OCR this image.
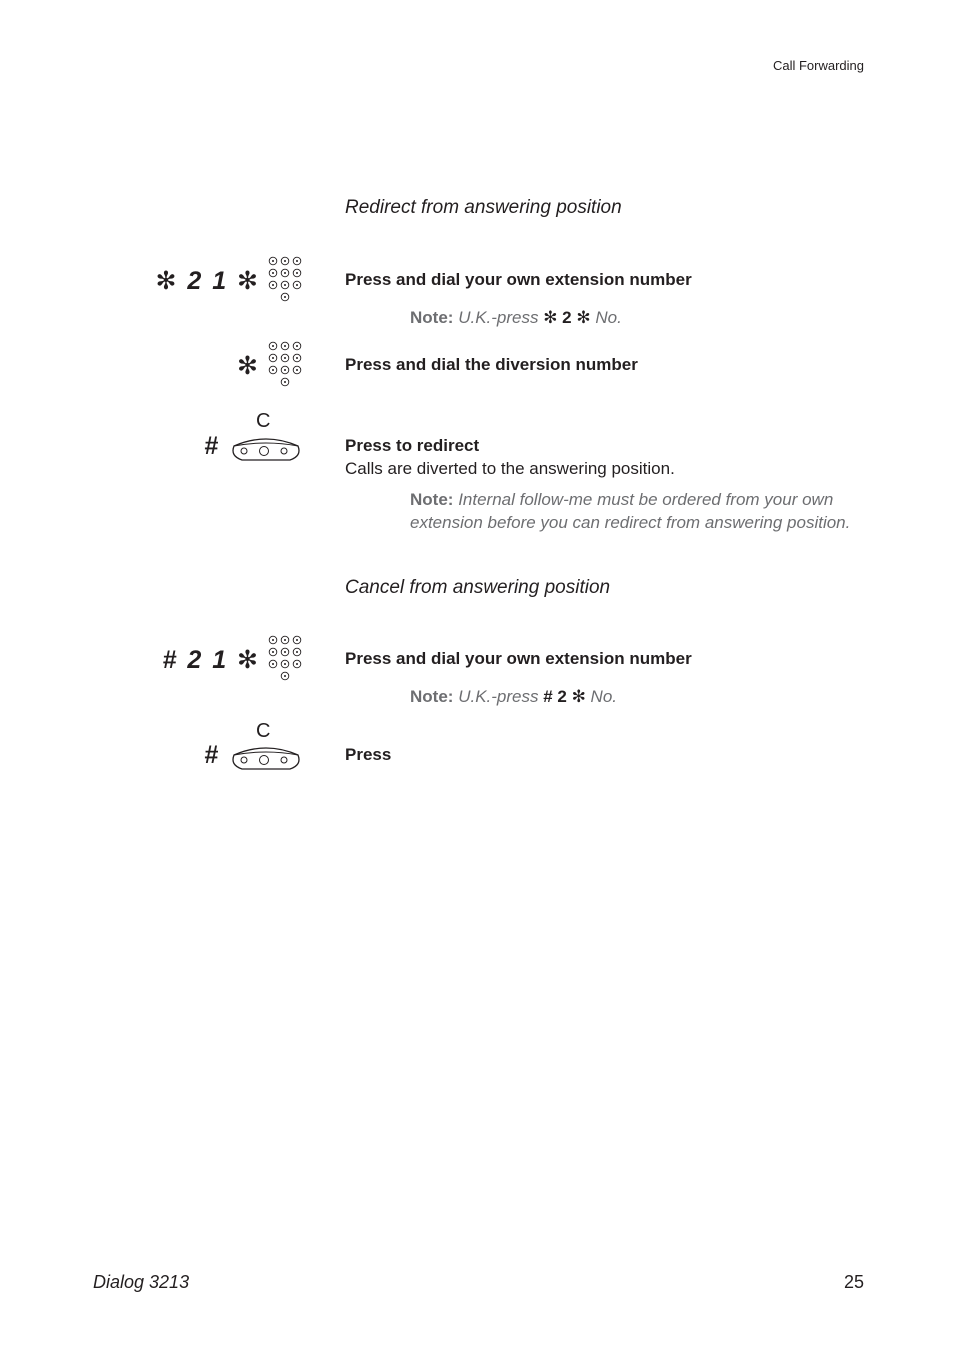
Call Forwarding
Redirect from answering position
✻ 2 1 ✻	Press and dial your own extension number
Note: U.K.-press ✻ 2 ✻ No.
✻	Press and dial the diversion number
#
C
Press to redirect
Calls are diverted to the answering position.
Note: Internal follow-me must be ordered from your own extension before you can redirect from answering position.
Cancel from answering position
# 2 1 ✻	Press and dial your own extension number
Note: U.K.-press # 2 ✻ No.
#
C
Press
Dialog 3213	25
